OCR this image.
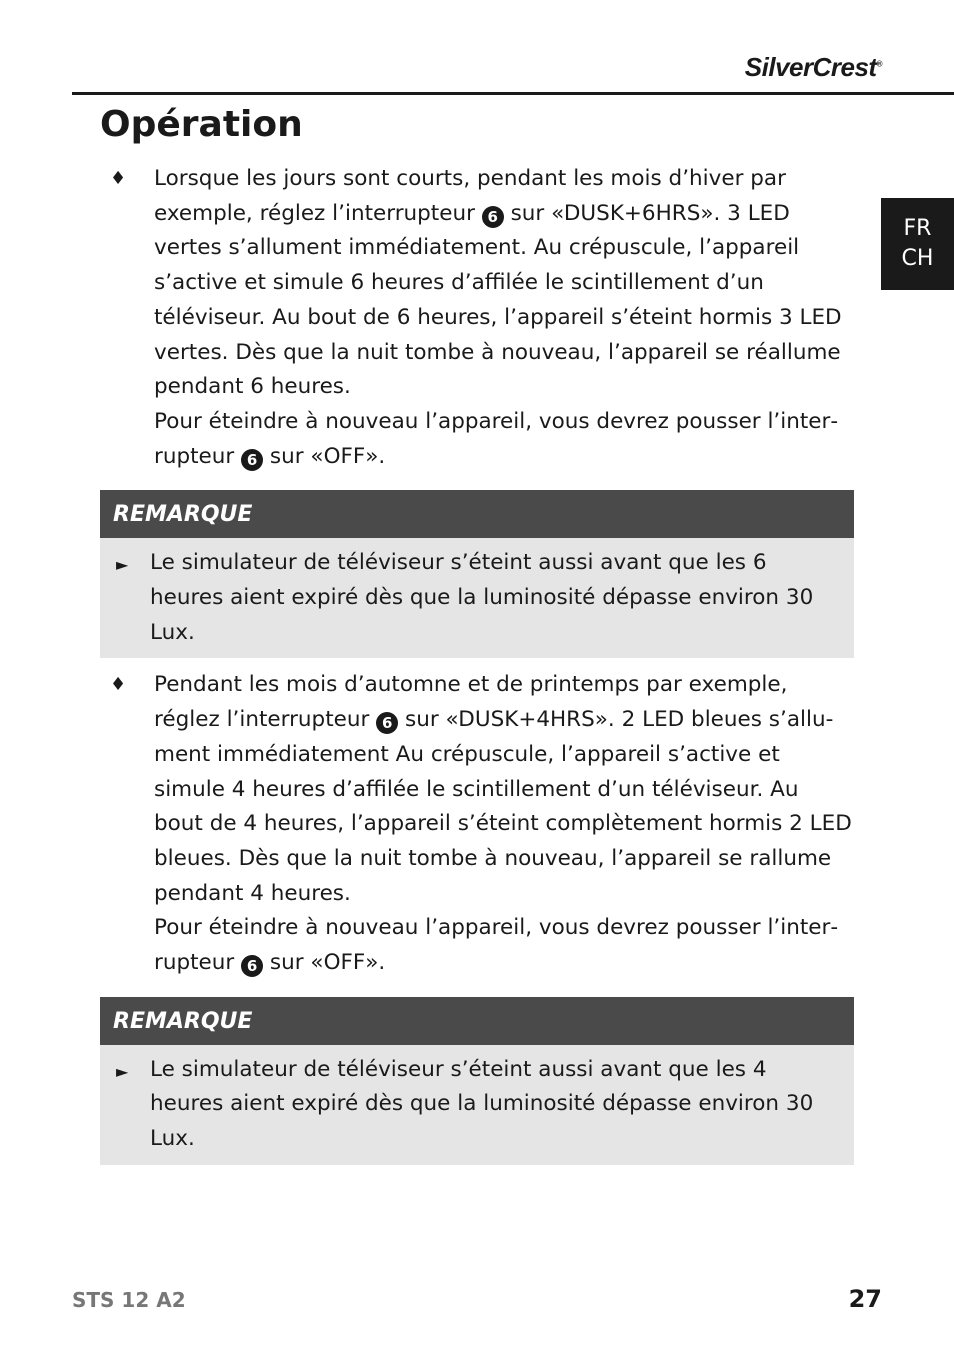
SilverCrest®
Opération
FR
CH
♦ Lorsque les jours sont courts, pendant les mois d’hiver par exemple, réglez l’interrupteur 6 sur «DUSK+6HRS». 3 LED vertes s’allument immédiatement. Au crépuscule, l’appareil s’active et simule 6 heures d’affilée le scintillement d’un téléviseur. Au bout de 6 heures, l’appareil s’éteint hormis 3 LED vertes. Dès que la nuit tombe à nouveau, l’appareil se réallume pendant 6 heures.

Pour éteindre à nouveau l’appareil, vous devrez pousser l’interrupteur 6 sur «OFF».

REMARQUE
► Le simulateur de téléviseur s’éteint aussi avant que les 6 heures aient expiré dès que la luminosité dépasse environ 30 Lux.
♦ Pendant les mois d’automne et de printemps par exemple, réglez l’interrupteur 6 sur «DUSK+4HRS». 2 LED bleues s’allument immédiatement Au crépuscule, l’appareil s’active et simule 4 heures d’affilée le scintillement d’un téléviseur. Au bout de 4 heures, l’appareil s’éteint complètement hormis 2 LED bleues. Dès que la nuit tombe à nouveau, l’appareil se rallume pendant 4 heures.

Pour éteindre à nouveau l’appareil, vous devrez pousser l’interrupteur 6 sur «OFF».

REMARQUE
► Le simulateur de téléviseur s’éteint aussi avant que les 4 heures aient expiré dès que la luminosité dépasse environ 30 Lux.
STS 12 A2	27
